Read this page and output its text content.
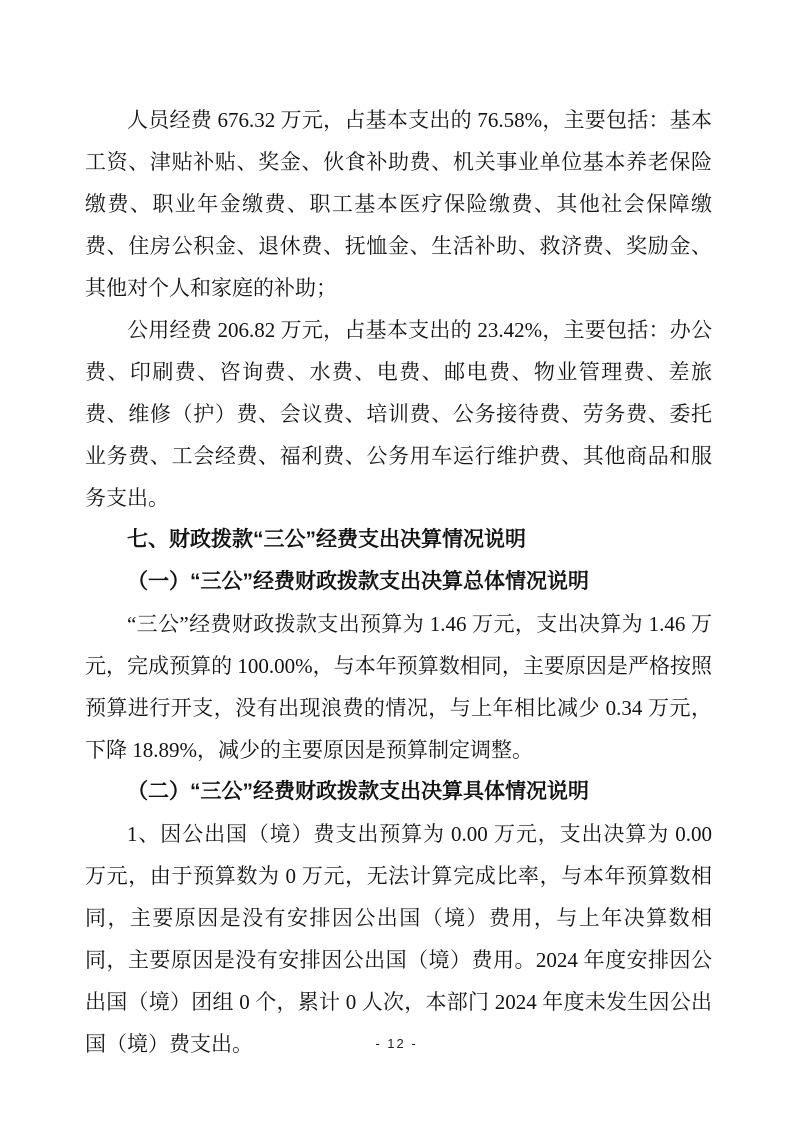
人员经费 676.32 万元，占基本支出的 76.58%，主要包括：基本工资、津贴补贴、奖金、伙食补助费、机关事业单位基本养老保险缴费、职业年金缴费、职工基本医疗保险缴费、其他社会保障缴费、住房公积金、退休费、抚恤金、生活补助、救济费、奖励金、其他对个人和家庭的补助；

公用经费 206.82 万元，占基本支出的 23.42%，主要包括：办公费、印刷费、咨询费、水费、电费、邮电费、物业管理费、差旅费、维修（护）费、会议费、培训费、公务接待费、劳务费、委托业务费、工会经费、福利费、公务用车运行维护费、其他商品和服务支出。

七、财政拨款“三公”经费支出决算情况说明
（一）“三公”经费财政拨款支出决算总体情况说明

“三公”经费财政拨款支出预算为 1.46 万元，支出决算为 1.46 万元，完成预算的 100.00%，与本年预算数相同，主要原因是严格按照预算进行开支，没有出现浪费的情况，与上年相比减少 0.34 万元，下降 18.89%，减少的主要原因是预算制定调整。

（二）“三公”经费财政拨款支出决算具体情况说明

1、因公出国（境）费支出预算为 0.00 万元，支出决算为 0.00 万元，由于预算数为 0 万元，无法计算完成比率，与本年预算数相同，主要原因是没有安排因公出国（境）费用，与上年决算数相同，主要原因是没有安排因公出国（境）费用。2024 年度安排因公出国（境）团组 0 个，累计 0 人次，本部门 2024 年度未发生因公出国（境）费支出。	- 12 -
